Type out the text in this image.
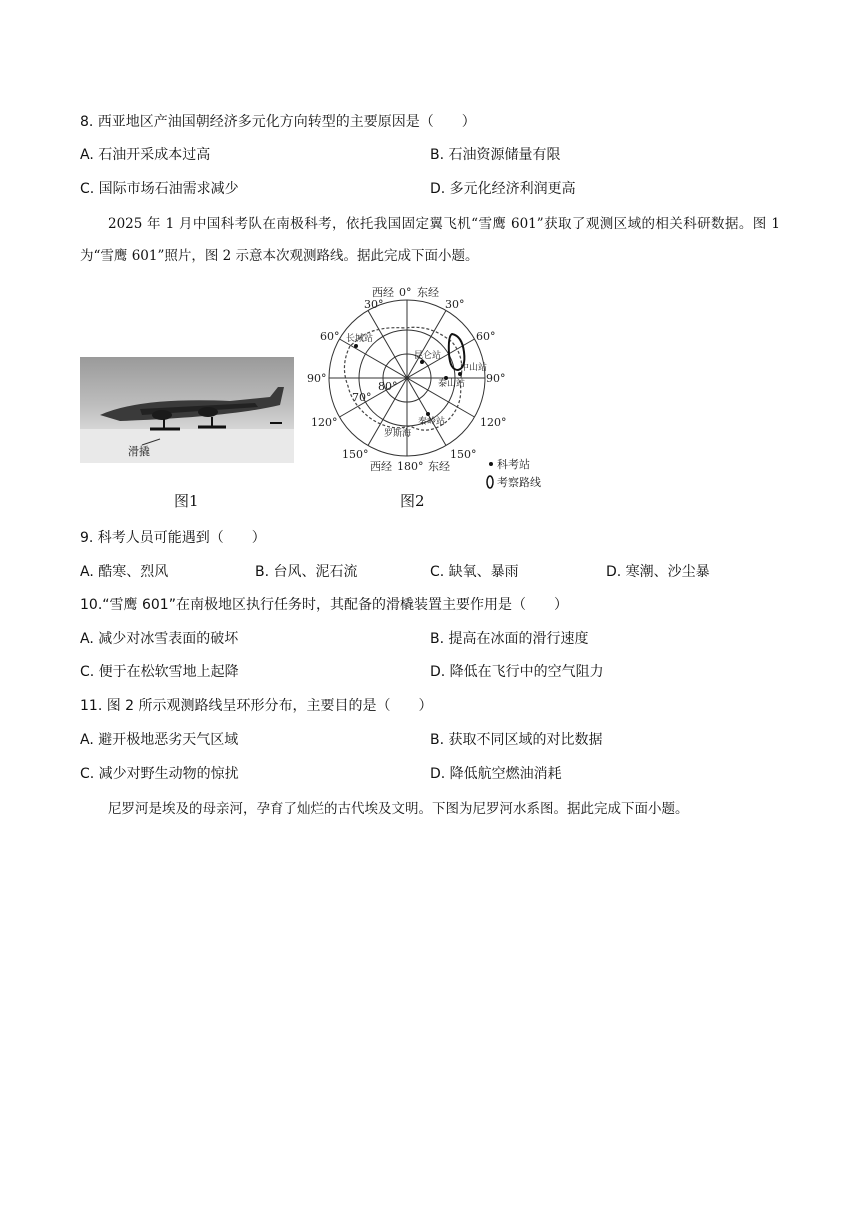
8. 西亚地区产油国朝经济多元化方向转型的主要原因是（　　）
A. 石油开采成本过高	B. 石油资源储量有限
C. 国际市场石油需求减少	D. 多元化经济利润更高
2025 年 1 月中国科考队在南极科考，依托我国固定翼飞机“雪鹰 601”获取了观测区域的相关科研数据。图 1 为“雪鹰 601”照片，图 2 示意本次观测路线。据此完成下面小题。
滑撬
图1
西经 0° 东经
30°	30°
60°	60°
90°	90°
120°	120°
150°	150°
西经 180° 东经
80°
70°
长城站
昆仑站
泰山站
中山站
秦岭站
罗斯海
科考站
考察路线
图2
9. 科考人员可能遇到（　　）
A. 酷寒、烈风	B. 台风、泥石流	C. 缺氧、暴雨	D. 寒潮、沙尘暴
10.“雪鹰 601”在南极地区执行任务时，其配备的滑橇装置主要作用是（　　）
A. 减少对冰雪表面的破坏	B. 提高在冰面的滑行速度
C. 便于在松软雪地上起降	D. 降低在飞行中的空气阻力
11. 图 2 所示观测路线呈环形分布，主要目的是（　　）
A. 避开极地恶劣天气区域	B. 获取不同区域的对比数据
C. 减少对野生动物的惊扰	D. 降低航空燃油消耗
尼罗河是埃及的母亲河，孕育了灿烂的古代埃及文明。下图为尼罗河水系图。据此完成下面小题。
